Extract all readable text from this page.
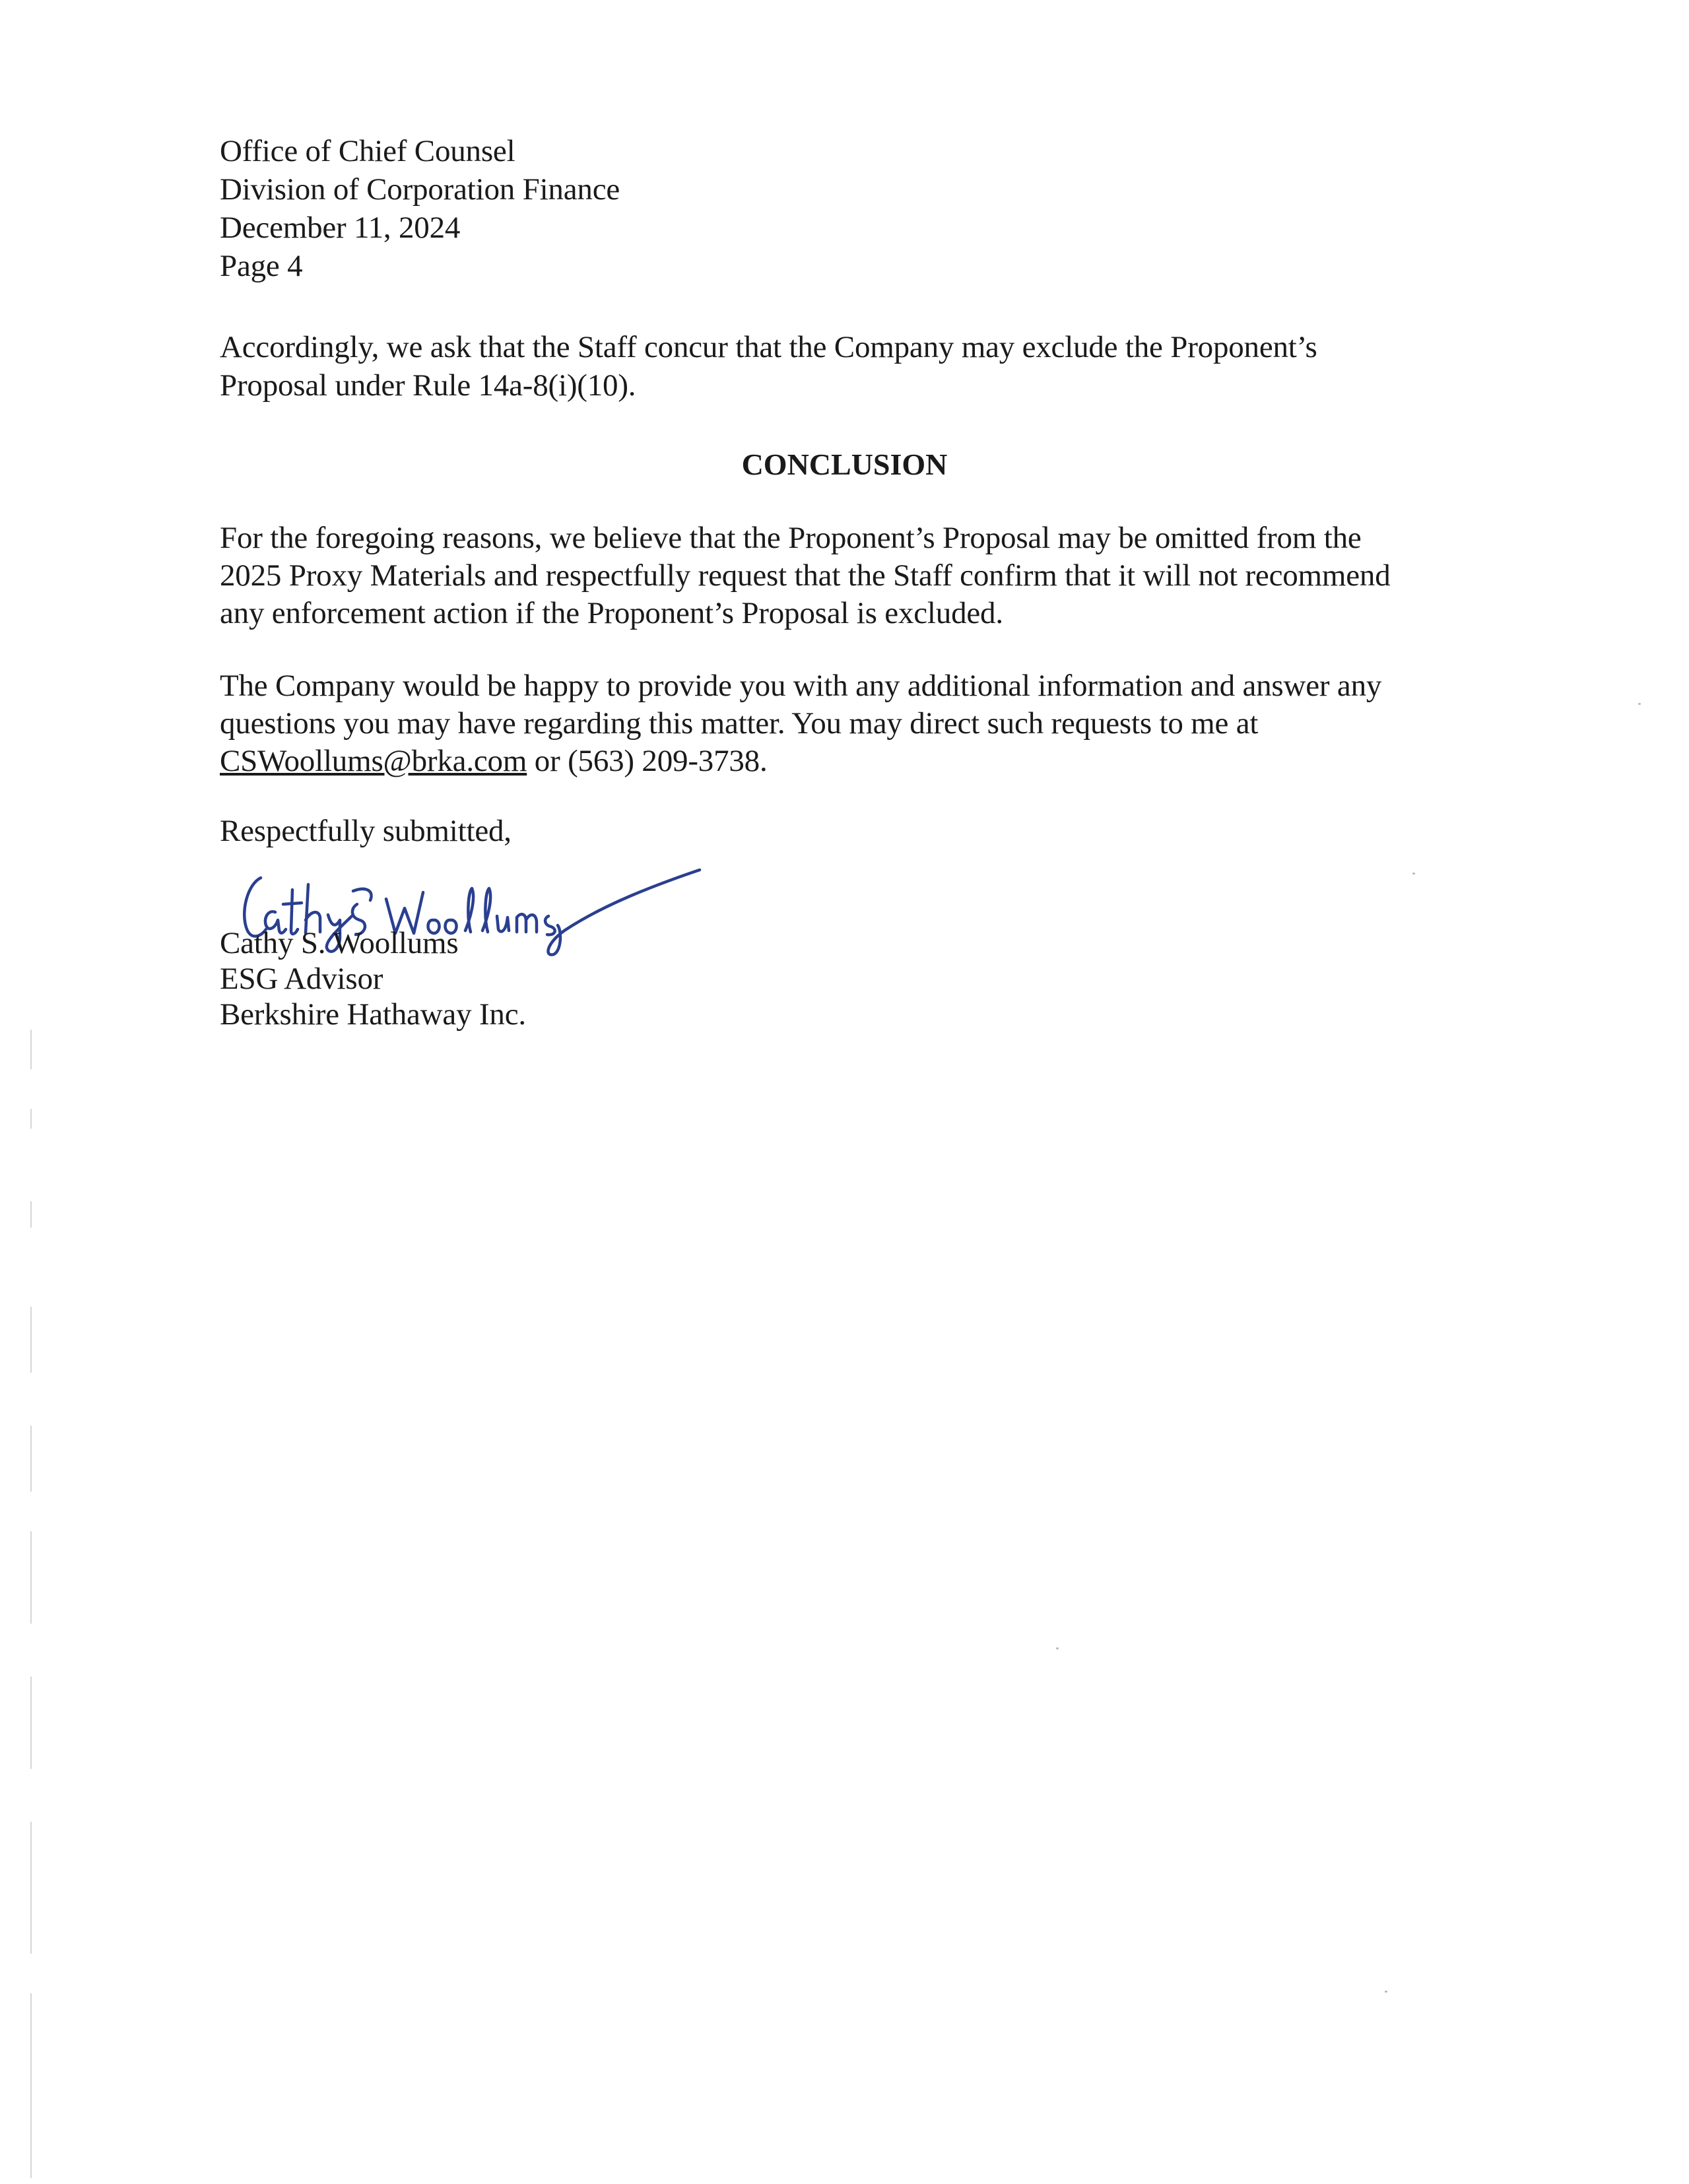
Office of Chief Counsel
Division of Corporation Finance
December 11, 2024
Page 4
Accordingly, we ask that the Staff concur that the Company may exclude the Proponent’s
Proposal under Rule 14a-8(i)(10).
CONCLUSION
For the foregoing reasons, we believe that the Proponent’s Proposal may be omitted from the
2025 Proxy Materials and respectfully request that the Staff confirm that it will not recommend
any enforcement action if the Proponent’s Proposal is excluded.
The Company would be happy to provide you with any additional information and answer any
questions you may have regarding this matter. You may direct such requests to me at
CSWoollums@brka.com or (563) 209-3738.
Respectfully submitted,
Cathy S. Woollums
ESG Advisor
Berkshire Hathaway Inc.
